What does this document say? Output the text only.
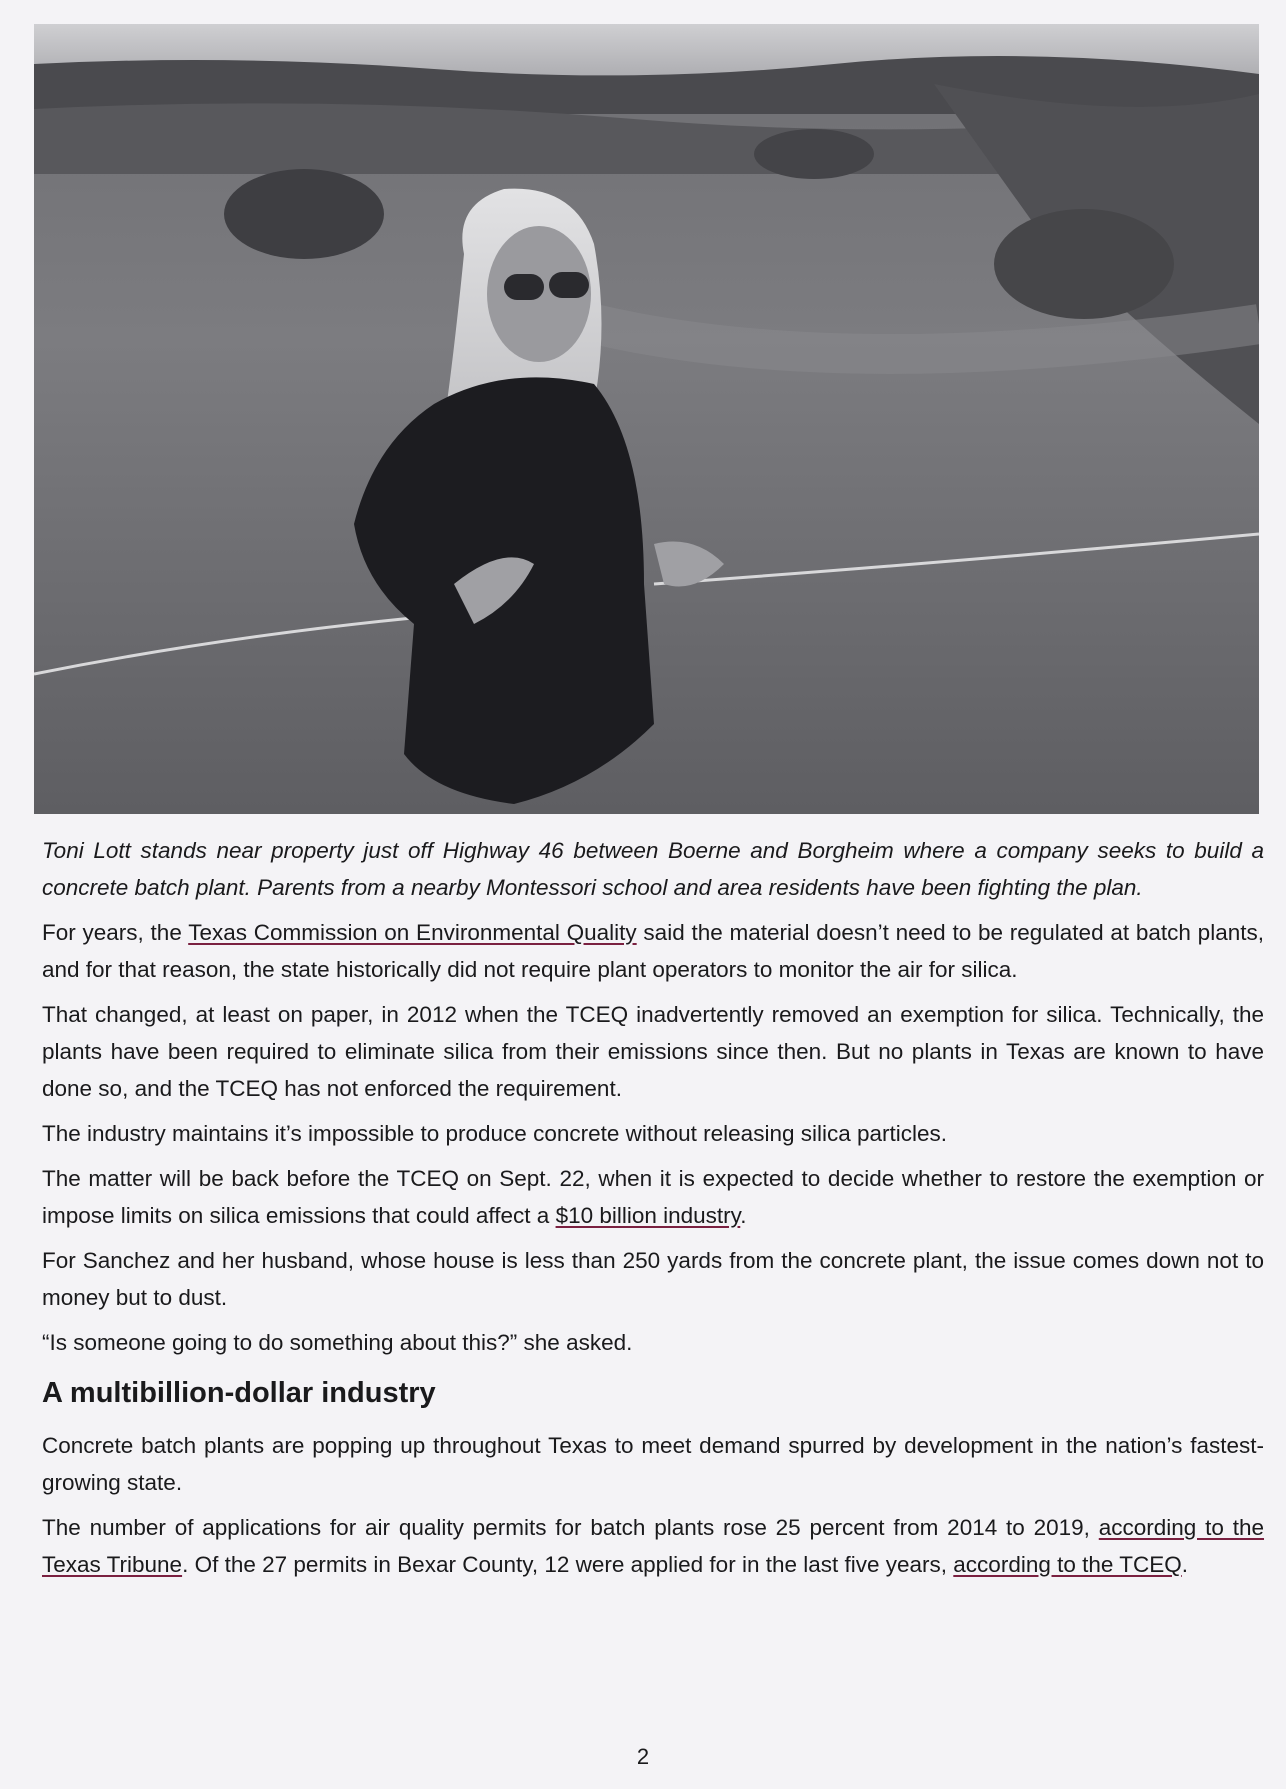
Toni Lott stands near property just off Highway 46 between Boerne and Borgheim where a company seeks to build a concrete batch plant. Parents from a nearby Montessori school and area residents have been fighting the plan.

For years, the Texas Commission on Environmental Quality said the material doesn’t need to be regulated at batch plants, and for that reason, the state historically did not require plant operators to monitor the air for silica.

That changed, at least on paper, in 2012 when the TCEQ inadvertently removed an exemption for silica. Technically, the plants have been required to eliminate silica from their emissions since then. But no plants in Texas are known to have done so, and the TCEQ has not enforced the requirement.

The industry maintains it’s impossible to produce concrete without releasing silica particles.

The matter will be back before the TCEQ on Sept. 22, when it is expected to decide whether to restore the exemption or impose limits on silica emissions that could affect a $10 billion industry.

For Sanchez and her husband, whose house is less than 250 yards from the concrete plant, the issue comes down not to money but to dust.

“Is someone going to do something about this?” she asked.

A multibillion-dollar industry

Concrete batch plants are popping up throughout Texas to meet demand spurred by development in the nation’s fastest-growing state.

The number of applications for air quality permits for batch plants rose 25 percent from 2014 to 2019, according to the Texas Tribune. Of the 27 permits in Bexar County, 12 were applied for in the last five years, according to the TCEQ.

2
